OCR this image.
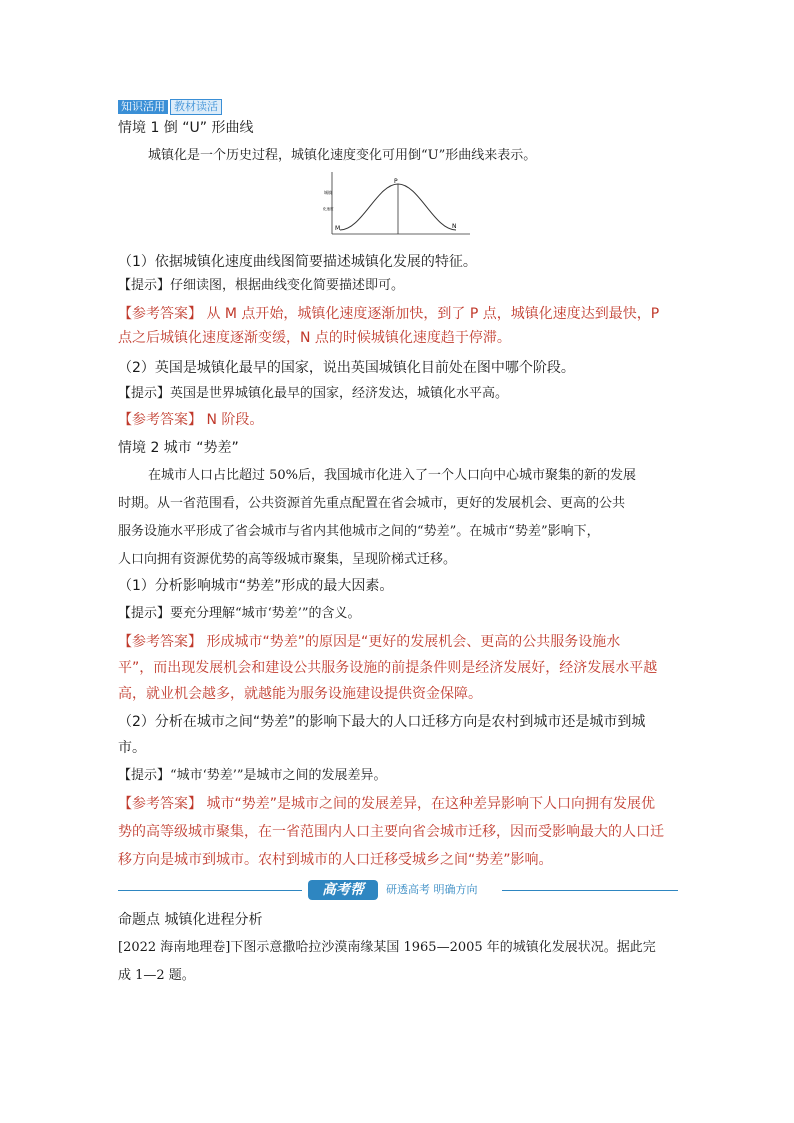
知识活用 教材读活
情境 1 倒 “U” 形曲线
城镇化是一个历史过程，城镇化速度变化可用倒“U”形曲线来表示。
M
P
N
城镇
化速度
（1）依据城镇化速度曲线图简要描述城镇化发展的特征。
【提示】仔细读图，根据曲线变化简要描述即可。
【参考答案】 从 M 点开始，城镇化速度逐渐加快，到了 P 点，城镇化速度达到最快，P
点之后城镇化速度逐渐变缓，N 点的时候城镇化速度趋于停滞。
（2）英国是城镇化最早的国家，说出英国城镇化目前处在图中哪个阶段。
【提示】英国是世界城镇化最早的国家，经济发达，城镇化水平高。
【参考答案】 N 阶段。
情境 2 城市 “势差”
在城市人口占比超过 50%后，我国城市化进入了一个人口向中心城市聚集的新的发展
时期。从一省范围看，公共资源首先重点配置在省会城市，更好的发展机会、更高的公共
服务设施水平形成了省会城市与省内其他城市之间的“势差”。在城市“势差”影响下，
人口向拥有资源优势的高等级城市聚集，呈现阶梯式迁移。
（1）分析影响城市“势差”形成的最大因素。
【提示】要充分理解“城市‘势差’”的含义。
【参考答案】 形成城市“势差”的原因是“更好的发展机会、更高的公共服务设施水
平”，而出现发展机会和建设公共服务设施的前提条件则是经济发展好，经济发展水平越
高，就业机会越多，就越能为服务设施建设提供资金保障。
（2）分析在城市之间“势差”的影响下最大的人口迁移方向是农村到城市还是城市到城
市。
【提示】“城市‘势差’”是城市之间的发展差异。
【参考答案】 城市“势差”是城市之间的发展差异，在这种差异影响下人口向拥有发展优
势的高等级城市聚集，在一省范围内人口主要向省会城市迁移，因而受影响最大的人口迁
移方向是城市到城市。农村到城市的人口迁移受城乡之间“势差”影响。
高考帮	研透高考 明确方向
命题点 城镇化进程分析
[2022 海南地理卷]下图示意撒哈拉沙漠南缘某国 1965—2005 年的城镇化发展状况。据此完
成 1—2 题。
